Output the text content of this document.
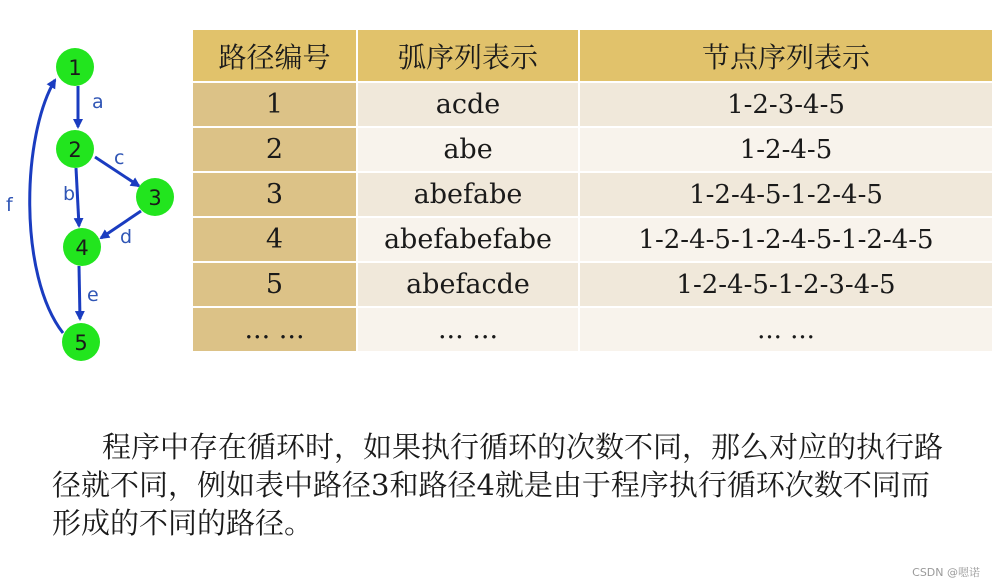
a
b
c
d
e
f
1
2
3
4
5
路径编号	弧序列表示	节点序列表示
1	acde	1-2-3-4-5
2	abe	1-2-4-5
3	abefabe	1-2-4-5-1-2-4-5
4	abefabefabe	1-2-4-5-1-2-4-5-1-2-4-5
5	abefacde	1-2-4-5-1-2-3-4-5
... ...	... ...	... ...

程序中存在循环时，如果执行循环的次数不同，那么对应的执行路径就不同，例如表中路径3和路径4就是由于程序执行循环次数不同而形成的不同的路径。

CSDN @嗯诺
